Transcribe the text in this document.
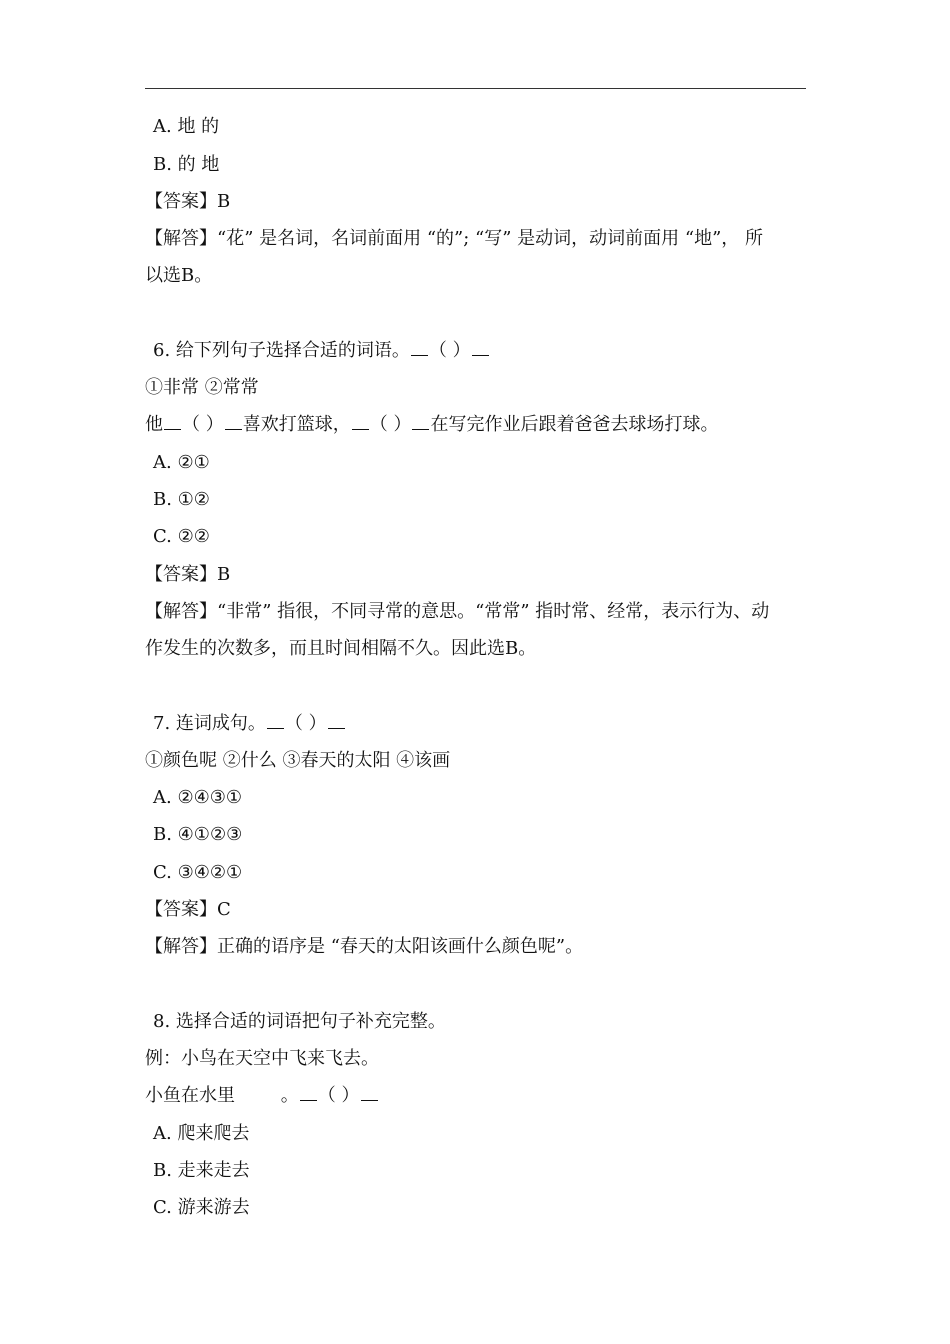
A. 地 的
B. 的 地
【答案】B
【解答】“花” 是名词，名词前面用 “的”; “写” 是动词，动词前面用 “地”， 所
以选B。
6. 给下列句子选择合适的词语。 （ ）
①非常 ②常常
他 （ ） 喜欢打篮球， （ ） 在写完作业后跟着爸爸去球场打球。
A. ②①
B. ①②
C. ②②
【答案】B
【解答】“非常” 指很，不同寻常的意思。“常常” 指时常、经常，表示行为、动
作发生的次数多，而且时间相隔不久。因此选B。
7. 连词成句。 （ ）
①颜色呢 ②什么 ③春天的太阳 ④该画
A. ②④③①
B. ④①②③
C. ③④②①
【答案】C
【解答】正确的语序是 “春天的太阳该画什么颜色呢”。
8. 选择合适的词语把句子补充完整。
例：小鸟在天空中飞来飞去。
小鱼在水里        。 （ ）
A. 爬来爬去
B. 走来走去
C. 游来游去
